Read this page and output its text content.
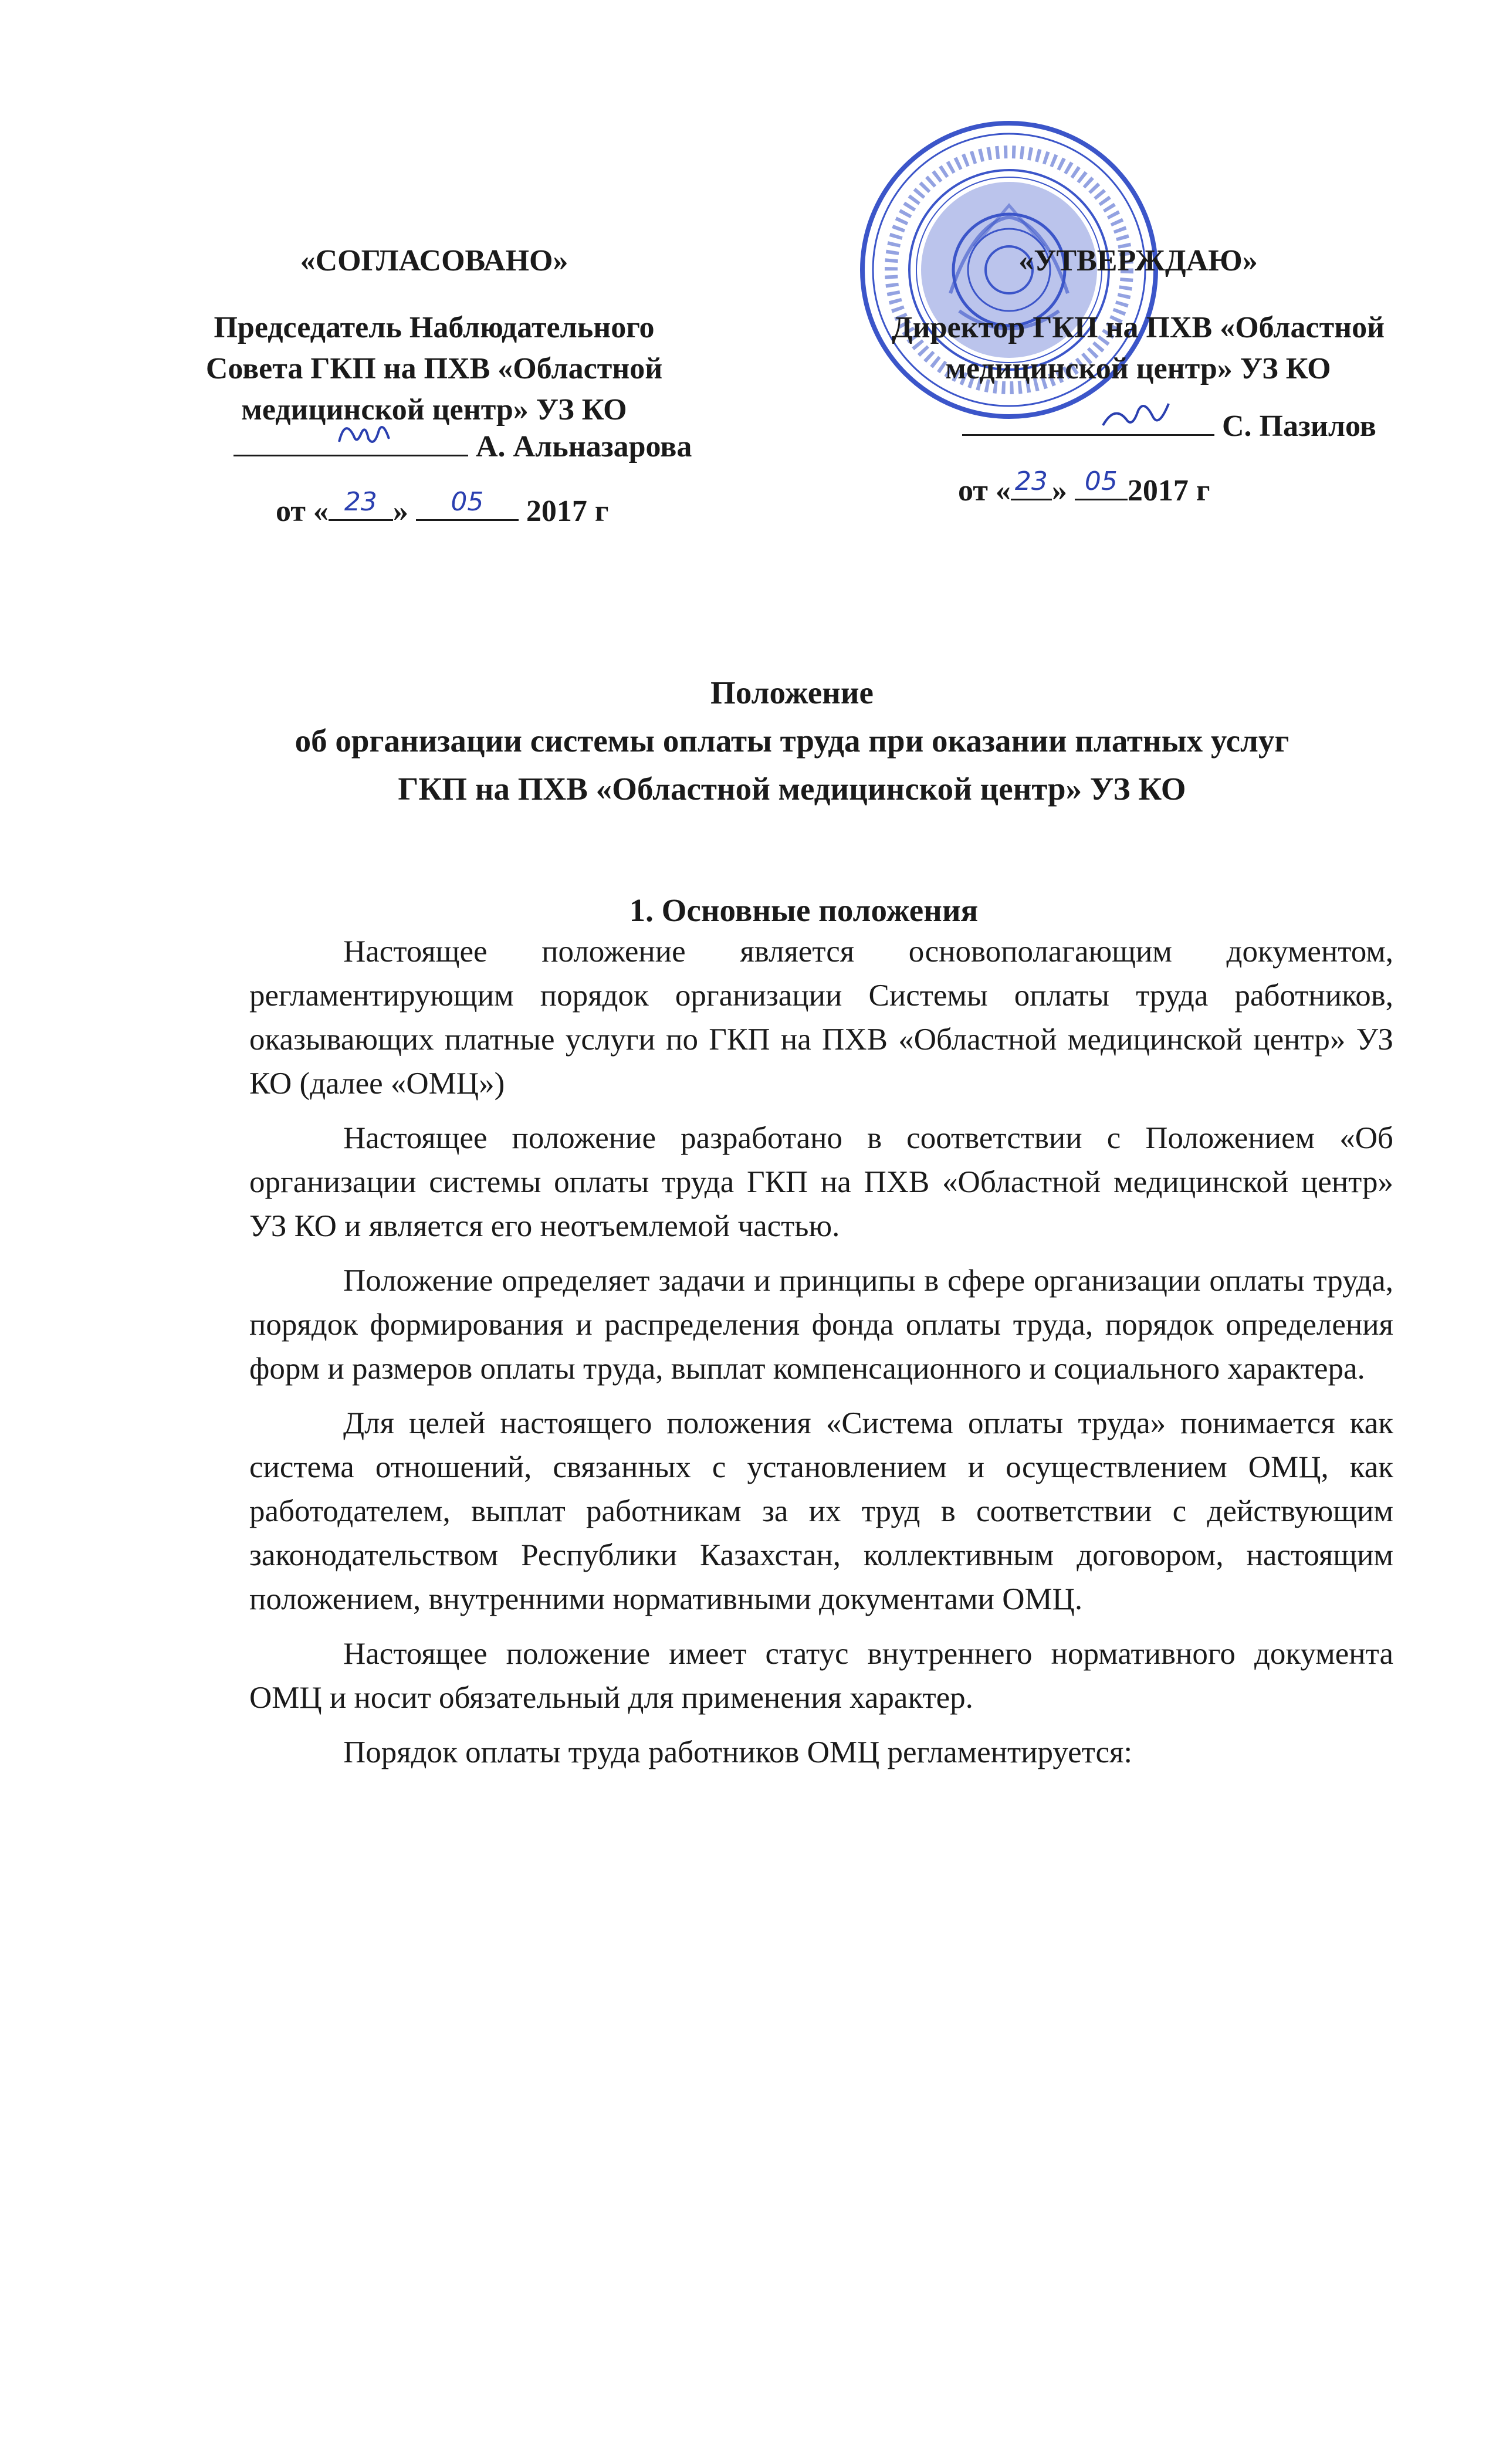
«СОГЛАСОВАНО»
Председатель Наблюдательного
Совета ГКП на ПХВ «Областной
медицинской центр» УЗ КО
А. Альназарова
от « 23 »	05	2017 г
«УТВЕРЖДАЮ»
Директор ГКП на ПХВ «Областной
медицинской центр» УЗ КО
С. Пазилов
от « 23 » 05 2017 г
Положение
об организации системы оплаты труда при оказании платных услуг
ГКП на ПХВ «Областной медицинской центр» УЗ КО
1. Основные положения

Настоящее положение является основополагающим документом, регламентирующим порядок организации Системы оплаты труда работников, оказывающих платные услуги по ГКП на ПХВ «Областной медицинской центр» УЗ КО (далее «ОМЦ»)

Настоящее положение разработано в соответствии с Положением «Об организации системы оплаты труда ГКП на ПХВ «Областной медицинской центр» УЗ КО и является его неотъемлемой частью.

Положение определяет задачи и принципы в сфере организации оплаты труда, порядок формирования и распределения фонда оплаты труда, порядок определения форм и размеров оплаты труда, выплат компенсационного и социального характера.

Для целей настоящего положения «Система оплаты труда» понимается как система отношений, связанных с установлением и осуществлением ОМЦ, как работодателем, выплат работникам за их труд в соответствии с действующим законодательством Республики Казахстан, коллективным договором, настоящим положением, внутренними нормативными документами ОМЦ.

Настоящее положение имеет статус внутреннего нормативного документа ОМЦ и носит обязательный для применения характер.

Порядок оплаты труда работников ОМЦ регламентируется:
